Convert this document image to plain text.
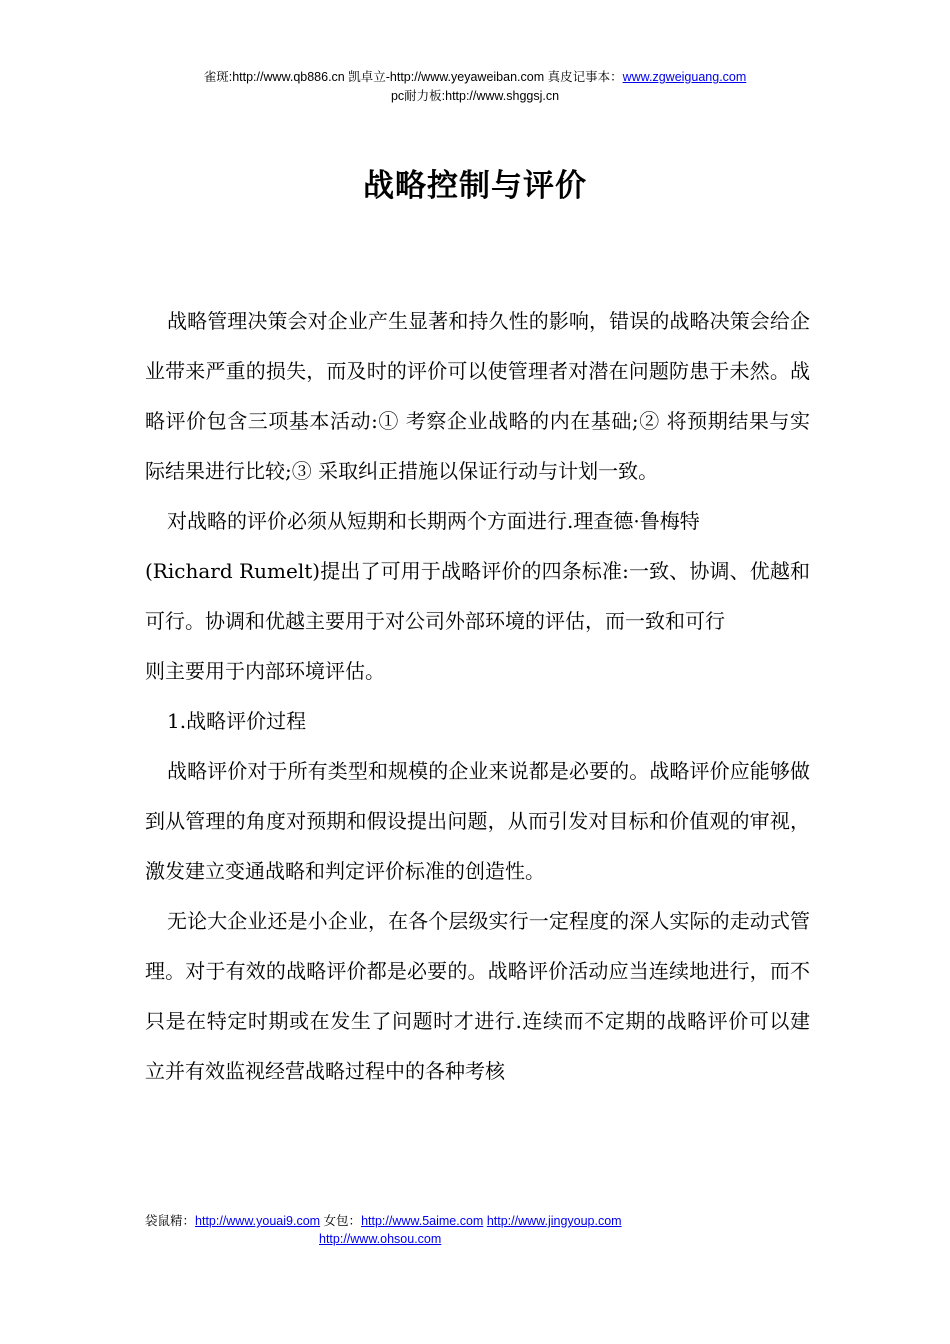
雀斑:http://www.qb886.cn 凯卓立-http://www.yeyaweiban.com 真皮记事本：www.zgweiguang.com
pc耐力板:http://www.shggsj.cn
战略控制与评价

战略管理决策会对企业产生显著和持久性的影响，错误的战略决策会给企业带来严重的损失，而及时的评价可以使管理者对潜在问题防患于未然。战略评价包含三项基本活动:① 考察企业战略的内在基础;② 将预期结果与实际结果进行比较;③ 采取纠正措施以保证行动与计划一致。

对战略的评价必须从短期和长期两个方面进行.理查德·鲁梅特

(Richard Rumelt)提出了可用于战略评价的四条标准:一致、协调、优越和可行。协调和优越主要用于对公司外部环境的评估，而一致和可行

则主要用于内部环境评估。

1.战略评价过程

战略评价对于所有类型和规模的企业来说都是必要的。战略评价应能够做到从管理的角度对预期和假设提出问题，从而引发对目标和价值观的审视，激发建立变通战略和判定评价标准的创造性。

无论大企业还是小企业，在各个层级实行一定程度的深人实际的走动式管理。对于有效的战略评价都是必要的。战略评价活动应当连续地进行，而不只是在特定时期或在发生了问题时才进行.连续而不定期的战略评价可以建立并有效监视经营战略过程中的各种考核

袋鼠精：http://www.youai9.com 女包：http://www.5aime.com http://www.jingyoup.com
http://www.ohsou.com
